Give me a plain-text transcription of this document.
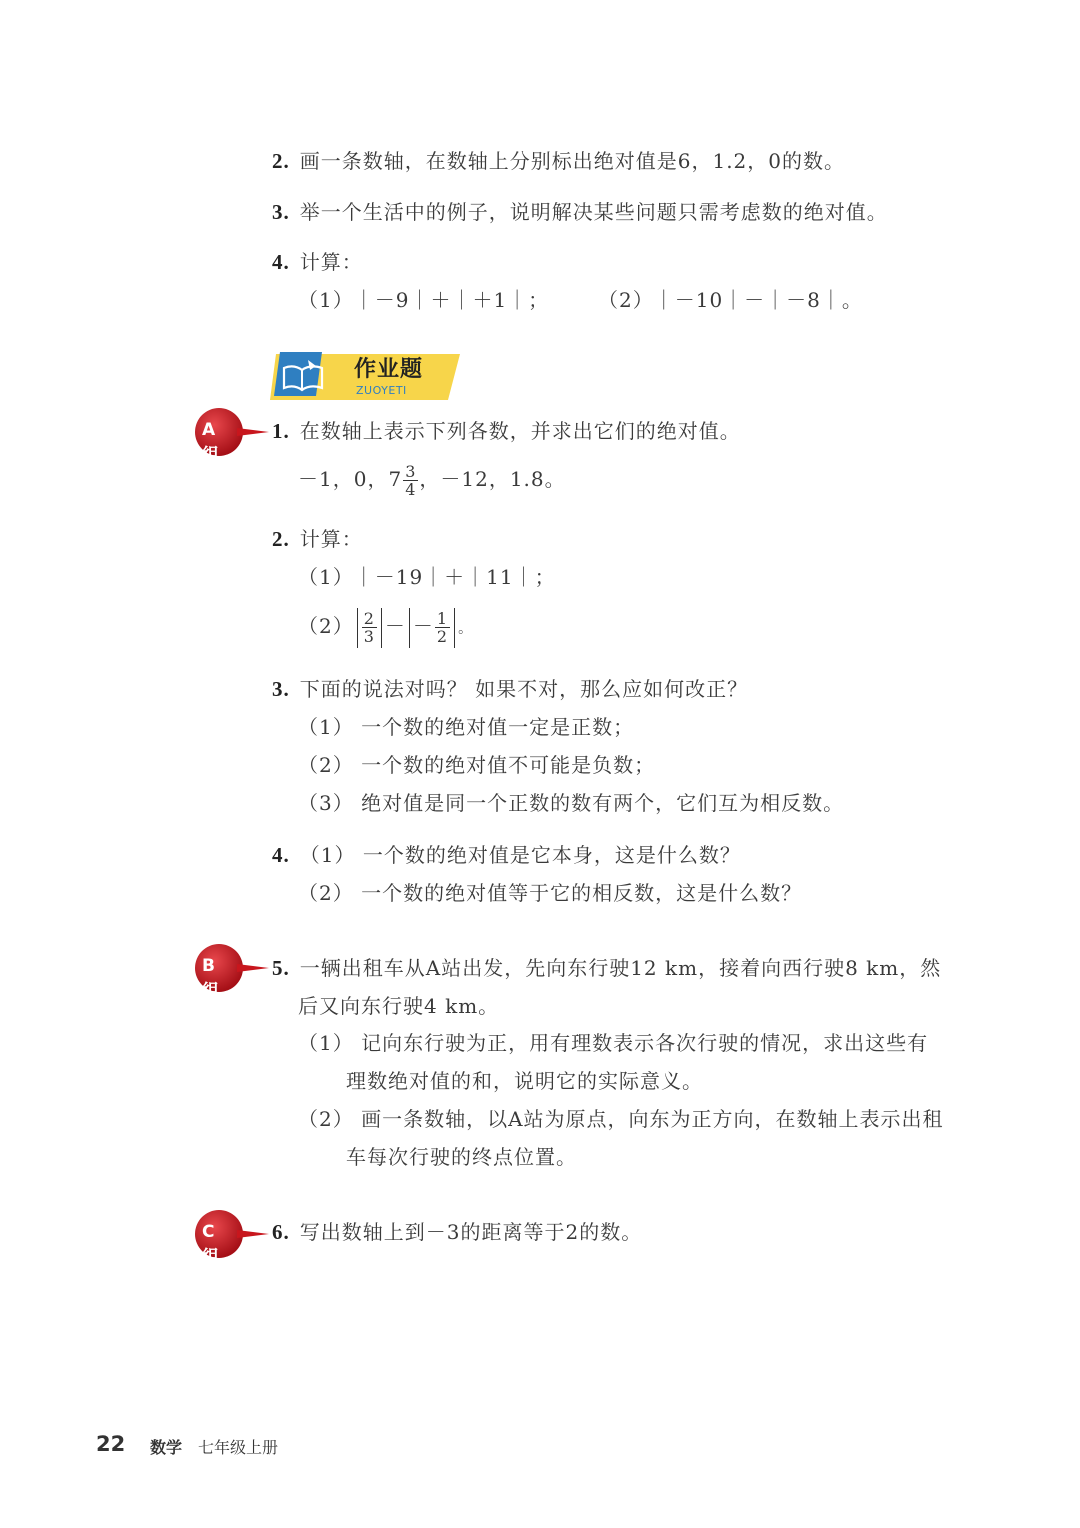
2. 画一条数轴，在数轴上分别标出绝对值是6，1.2，0的数。
3. 举一个生活中的例子，说明解决某些问题只需考虑数的绝对值。
4. 计算：
（1）｜－9｜＋｜＋1｜； （2）｜－10｜－｜－8｜。
作业题
ZUOYETI
A组
1. 在数轴上表示下列各数，并求出它们的绝对值。
－1，0，$7 \frac{3}{4}$ ，－12，1.8。
2. 计算：
（1）｜－19｜＋｜11｜；
$(2) \frac{2}{3}$ － － $\frac{1}{2}$ 。
3. 下面的说法对吗？ 如果不对，那么应如何改正？
（1） 一个数的绝对值一定是正数；
（2） 一个数的绝对值不可能是负数；
（3） 绝对值是同一个正数的数有两个，它们互为相反数。
4. （1） 一个数的绝对值是它本身，这是什么数？
（2） 一个数的绝对值等于它的相反数，这是什么数？
B组
5. 一辆出租车从A站出发，先向东行驶12 km，接着向西行驶8 km，然
后又向东行驶4 km。
（1） 记向东行驶为正，用有理数表示各次行驶的情况，求出这些有
理数绝对值的和，说明它的实际意义。
（2） 画一条数轴，以A站为原点，向东为正方向，在数轴上表示出租
车每次行驶的终点位置。
C组
6. 写出数轴上到－3的距离等于2的数。
22 数学 七年级上册
